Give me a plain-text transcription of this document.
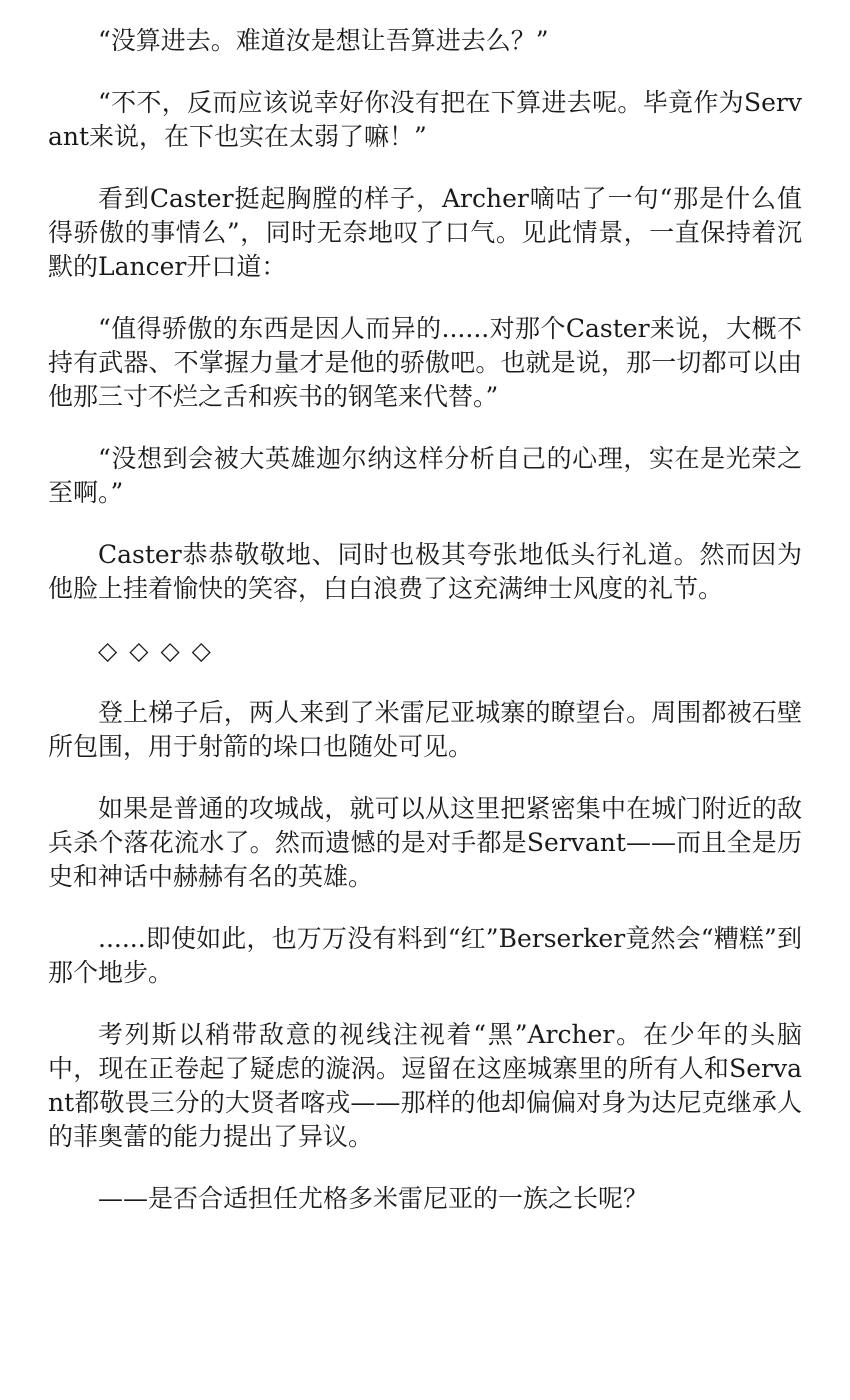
“没算进去。难道汝是想让吾算进去么？”

“不不，反而应该说幸好你没有把在下算进去呢。毕竟作为Servant来说，在下也实在太弱了嘛！”

看到Caster挺起胸膛的样子，Archer嘀咕了一句“那是什么值得骄傲的事情么”，同时无奈地叹了口气。见此情景，一直保持着沉默的Lancer开口道：

“值得骄傲的东西是因人而异的......对那个Caster来说，大概不持有武器、不掌握力量才是他的骄傲吧。也就是说，那一切都可以由他那三寸不烂之舌和疾书的钢笔来代替。”

“没想到会被大英雄迦尔纳这样分析自己的心理，实在是光荣之至啊。”

Caster恭恭敬敬地、同时也极其夸张地低头行礼道。然而因为他脸上挂着愉快的笑容，白白浪费了这充满绅士风度的礼节。

◇◇◇◇

登上梯子后，两人来到了米雷尼亚城寨的瞭望台。周围都被石壁所包围，用于射箭的垛口也随处可见。

如果是普通的攻城战，就可以从这里把紧密集中在城门附近的敌兵杀个落花流水了。然而遗憾的是对手都是Servant——而且全是历史和神话中赫赫有名的英雄。

......即使如此，也万万没有料到“红”Berserker竟然会“糟糕”到那个地步。

考列斯以稍带敌意的视线注视着“黑”Archer。在少年的头脑中，现在正卷起了疑虑的漩涡。逗留在这座城寨里的所有人和Servant都敬畏三分的大贤者喀戎——那样的他却偏偏对身为达尼克继承人的菲奥蕾的能力提出了异议。

——是否合适担任尤格多米雷尼亚的一族之长呢？
